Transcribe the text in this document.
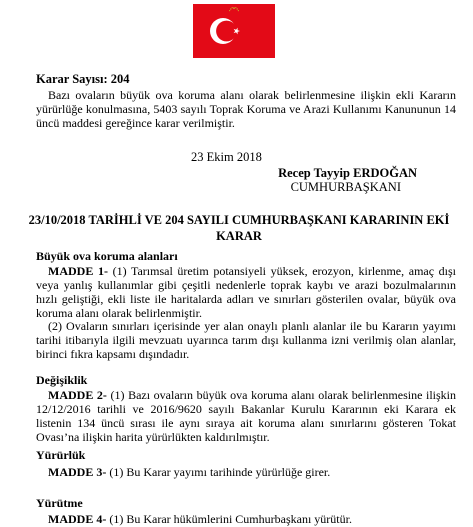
Karar Sayısı: 204

 Bazı ovaların büyük ova koruma alanı olarak belirlenmesine ilişkin ekli Kararın yürürlüğe konulmasına, 5403 sayılı Toprak Koruma ve Arazi Kullanımı Kanununun 14 üncü maddesi gereğince karar verilmiştir.

23 Ekim 2018
Recep Tayyip ERDOĞAN
CUMHURBAŞKANI
23/10/2018 TARİHLİ VE 204 SAYILI CUMHURBAŞKANI KARARININ EKİ KARAR

Büyük ova koruma alanları

 MADDE 1- (1) Tarımsal üretim potansiyeli yüksek, erozyon, kirlenme, amaç dışı veya yanlış kullanımlar gibi çeşitli nedenlerle toprak kaybı ve arazi bozulmalarının hızlı geliştiği, ekli liste ile haritalarda adları ve sınırları gösterilen ovalar, büyük ova koruma alanı olarak belirlenmiştir.

 (2) Ovaların sınırları içerisinde yer alan onaylı planlı alanlar ile bu Kararın yayımı tarihi itibarıyla ilgili mevzuatı uyarınca tarım dışı kullanma izni verilmiş olan alanlar, birinci fıkra kapsamı dışındadır.

Değişiklik

 MADDE 2- (1) Bazı ovaların büyük ova koruma alanı olarak belirlenmesine ilişkin 12/12/2016 tarihli ve 2016/9620 sayılı Bakanlar Kurulu Kararının eki Karara ek listenin 134 üncü sırası ile aynı sıraya ait koruma alanı sınırlarını gösteren Tokat Ovası’na ilişkin harita yürürlükten kaldırılmıştır.

Yürürlük

 MADDE 3- (1) Bu Karar yayımı tarihinde yürürlüğe girer.

Yürütme

 MADDE 4- (1) Bu Karar hükümlerini Cumhurbaşkanı yürütür.
